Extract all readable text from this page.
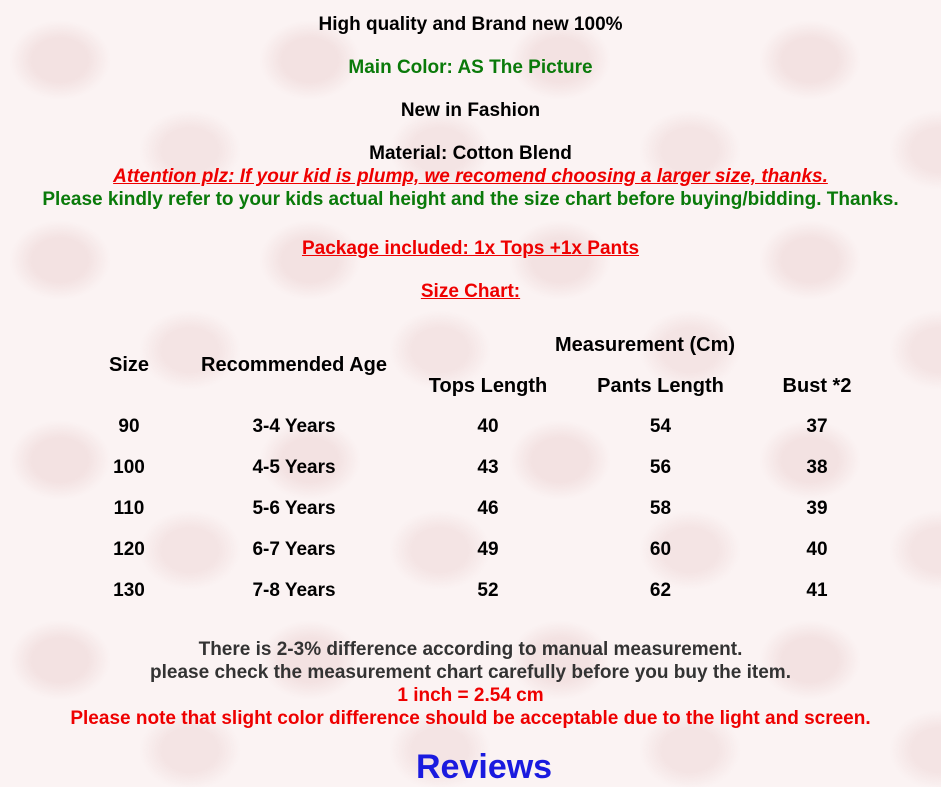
High quality and Brand new 100%
Main Color: AS The Picture
New in Fashion
Material: Cotton Blend
Attention plz: If your kid is plump, we recomend choosing a larger size, thanks.
Please kindly refer to your kids actual height and the size chart before buying/bidding. Thanks.
Package included: 1x Tops +1x Pants
Size Chart:
Size	Recommended Age
Measurement (Cm)
Tops Length	Pants Length	Bust *2
90	3-4 Years	40	54	37
100	4-5 Years	43	56	38
110	5-6 Years	46	58	39
120	6-7 Years	49	60	40
130	7-8 Years	52	62	41
There is 2-3% difference according to manual measurement.
please check the measurement chart carefully before you buy the item.
1 inch = 2.54 cm
Please note that slight color difference should be acceptable due to the light and screen.
Reviews
